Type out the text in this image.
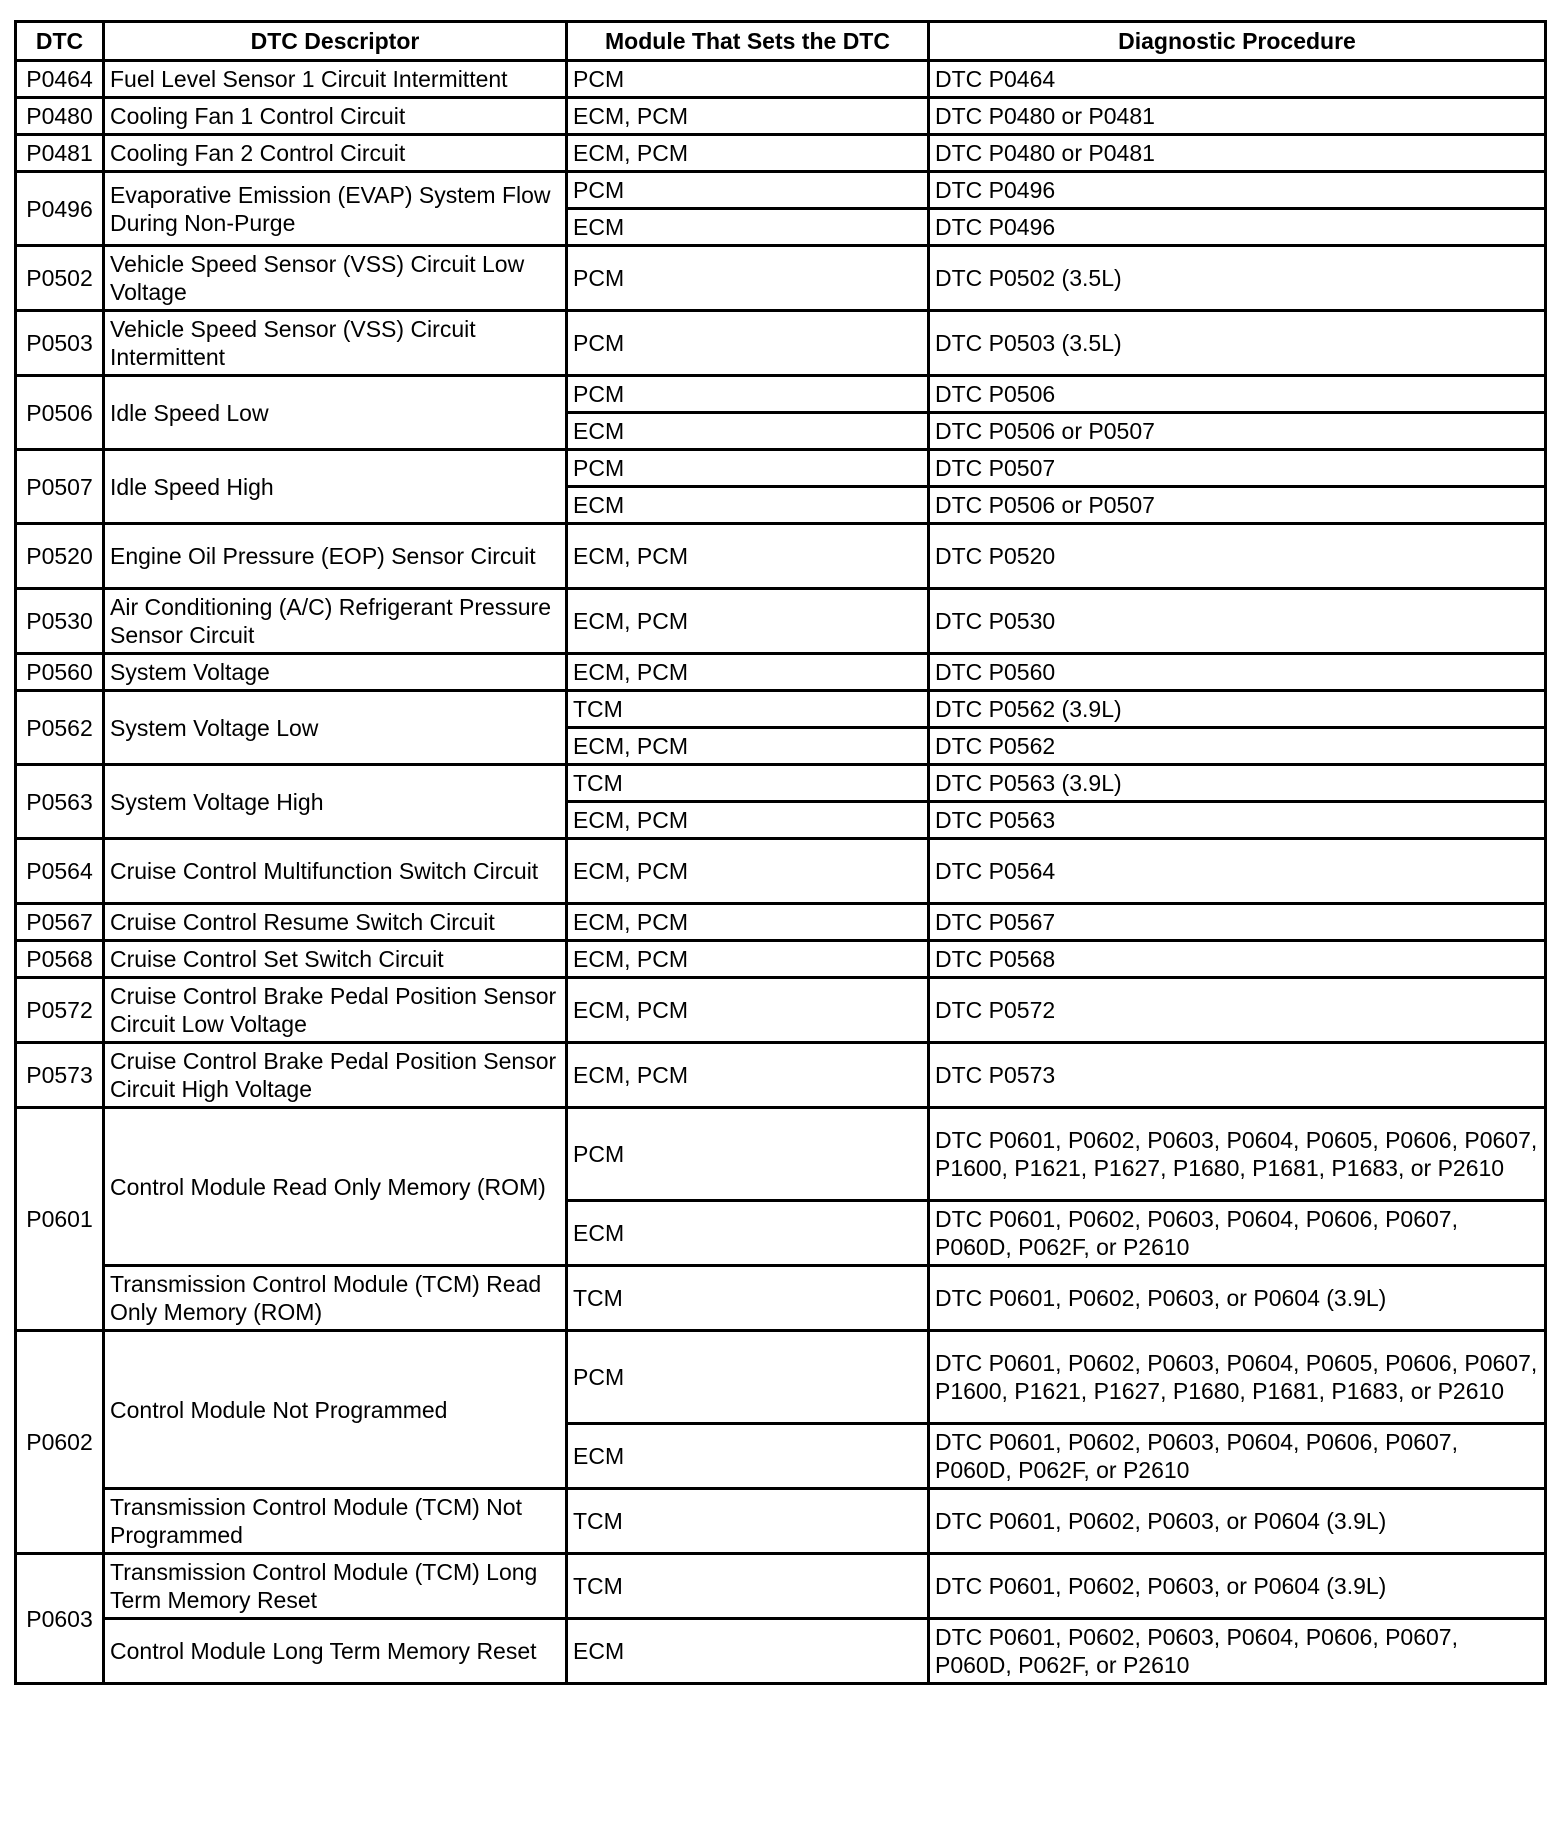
DTC	DTC Descriptor	Module That Sets the DTC	Diagnostic Procedure
P0464	Fuel Level Sensor 1 Circuit Intermittent	PCM	DTC P0464
P0480	Cooling Fan 1 Control Circuit	ECM, PCM	DTC P0480 or P0481
P0481	Cooling Fan 2 Control Circuit	ECM, PCM	DTC P0480 or P0481
P0496	Evaporative Emission (EVAP) System Flow During Non-Purge	PCM	DTC P0496
		ECM	DTC P0496
P0502	Vehicle Speed Sensor (VSS) Circuit Low Voltage	PCM	DTC P0502 (3.5L)
P0503	Vehicle Speed Sensor (VSS) Circuit Intermittent	PCM	DTC P0503 (3.5L)
P0506	Idle Speed Low	PCM	DTC P0506
		ECM	DTC P0506 or P0507
P0507	Idle Speed High	PCM	DTC P0507
		ECM	DTC P0506 or P0507
P0520	Engine Oil Pressure (EOP) Sensor Circuit	ECM, PCM	DTC P0520
P0530	Air Conditioning (A/C) Refrigerant Pressure Sensor Circuit	ECM, PCM	DTC P0530
P0560	System Voltage	ECM, PCM	DTC P0560
P0562	System Voltage Low	TCM	DTC P0562 (3.9L)
		ECM, PCM	DTC P0562
P0563	System Voltage High	TCM	DTC P0563 (3.9L)
		ECM, PCM	DTC P0563
P0564	Cruise Control Multifunction Switch Circuit	ECM, PCM	DTC P0564
P0567	Cruise Control Resume Switch Circuit	ECM, PCM	DTC P0567
P0568	Cruise Control Set Switch Circuit	ECM, PCM	DTC P0568
P0572	Cruise Control Brake Pedal Position Sensor Circuit Low Voltage	ECM, PCM	DTC P0572
P0573	Cruise Control Brake Pedal Position Sensor Circuit High Voltage	ECM, PCM	DTC P0573
P0601	Control Module Read Only Memory (ROM)	PCM	DTC P0601, P0602, P0603, P0604, P0605, P0606, P0607, P1600, P1621, P1627, P1680, P1681, P1683, or P2610
		ECM	DTC P0601, P0602, P0603, P0604, P0606, P0607, P060D, P062F, or P2610
	Transmission Control Module (TCM) Read Only Memory (ROM)	TCM	DTC P0601, P0602, P0603, or P0604 (3.9L)
P0602	Control Module Not Programmed	PCM	DTC P0601, P0602, P0603, P0604, P0605, P0606, P0607, P1600, P1621, P1627, P1680, P1681, P1683, or P2610
		ECM	DTC P0601, P0602, P0603, P0604, P0606, P0607, P060D, P062F, or P2610
	Transmission Control Module (TCM) Not Programmed	TCM	DTC P0601, P0602, P0603, or P0604 (3.9L)
P0603	Transmission Control Module (TCM) Long Term Memory Reset	TCM	DTC P0601, P0602, P0603, or P0604 (3.9L)
	Control Module Long Term Memory Reset	ECM	DTC P0601, P0602, P0603, P0604, P0606, P0607, P060D, P062F, or P2610
